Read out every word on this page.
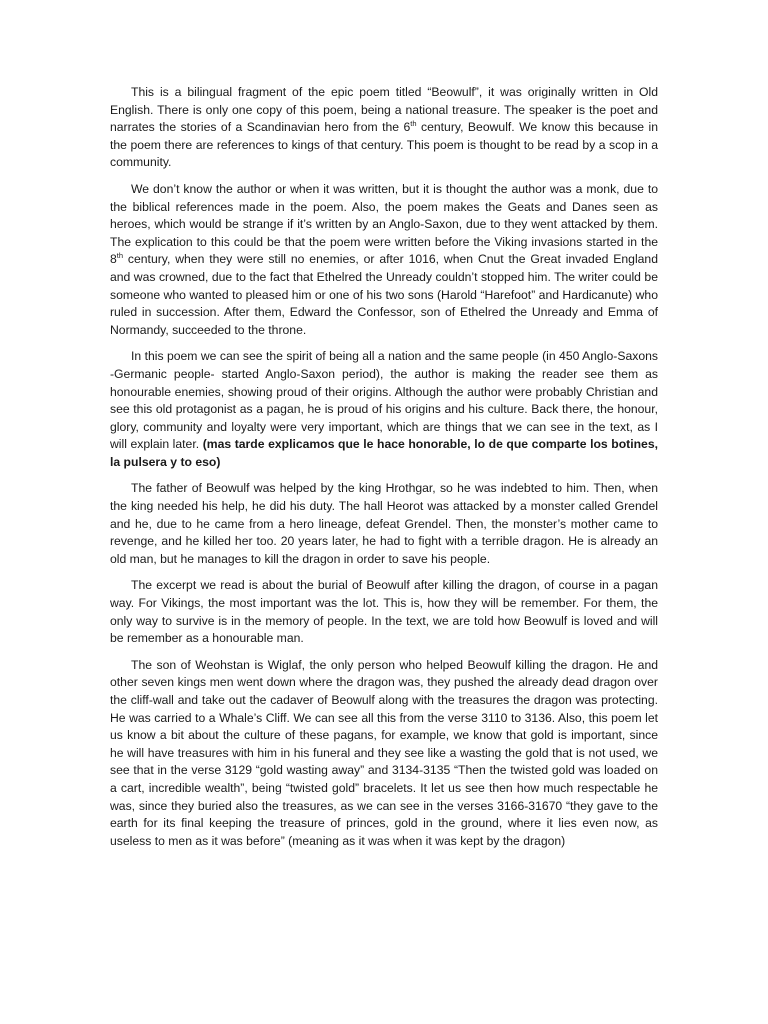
This is a bilingual fragment of the epic poem titled “Beowulf”, it was originally written in Old English. There is only one copy of this poem, being a national treasure. The speaker is the poet and narrates the stories of a Scandinavian hero from the 6th century, Beowulf. We know this because in the poem there are references to kings of that century. This poem is thought to be read by a scop in a community.

We don’t know the author or when it was written, but it is thought the author was a monk, due to the biblical references made in the poem. Also, the poem makes the Geats and Danes seen as heroes, which would be strange if it’s written by an Anglo-Saxon, due to they went attacked by them. The explication to this could be that the poem were written before the Viking invasions started in the 8th century, when they were still no enemies, or after 1016, when Cnut the Great invaded England and was crowned, due to the fact that Ethelred the Unready couldn’t stopped him. The writer could be someone who wanted to pleased him or one of his two sons (Harold “Harefoot” and Hardicanute) who ruled in succession. After them, Edward the Confessor, son of Ethelred the Unready and Emma of Normandy, succeeded to the throne.

In this poem we can see the spirit of being all a nation and the same people (in 450 Anglo-Saxons -Germanic people- started Anglo-Saxon period), the author is making the reader see them as honourable enemies, showing proud of their origins. Although the author were probably Christian and see this old protagonist as a pagan, he is proud of his origins and his culture. Back there, the honour, glory, community and loyalty were very important, which are things that we can see in the text, as I will explain later. (mas tarde explicamos que le hace honorable, lo de que comparte los botines, la pulsera y to eso)

The father of Beowulf was helped by the king Hrothgar, so he was indebted to him. Then, when the king needed his help, he did his duty. The hall Heorot was attacked by a monster called Grendel and he, due to he came from a hero lineage, defeat Grendel. Then, the monster’s mother came to revenge, and he killed her too. 20 years later, he had to fight with a terrible dragon. He is already an old man, but he manages to kill the dragon in order to save his people.

The excerpt we read is about the burial of Beowulf after killing the dragon, of course in a pagan way. For Vikings, the most important was the lot. This is, how they will be remember. For them, the only way to survive is in the memory of people. In the text, we are told how Beowulf is loved and will be remember as a honourable man.

The son of Weohstan is Wiglaf, the only person who helped Beowulf killing the dragon. He and other seven kings men went down where the dragon was, they pushed the already dead dragon over the cliff-wall and take out the cadaver of Beowulf along with the treasures the dragon was protecting. He was carried to a Whale’s Cliff. We can see all this from the verse 3110 to 3136. Also, this poem let us know a bit about the culture of these pagans, for example, we know that gold is important, since he will have treasures with him in his funeral and they see like a wasting the gold that is not used, we see that in the verse 3129 “gold wasting away” and 3134-3135 “Then the twisted gold was loaded on a cart, incredible wealth”, being “twisted gold” bracelets. It let us see then how much respectable he was, since they buried also the treasures, as we can see in the verses 3166-31670 “they gave to the earth for its final keeping the treasure of princes, gold in the ground, where it lies even now, as useless to men as it was before” (meaning as it was when it was kept by the dragon)
